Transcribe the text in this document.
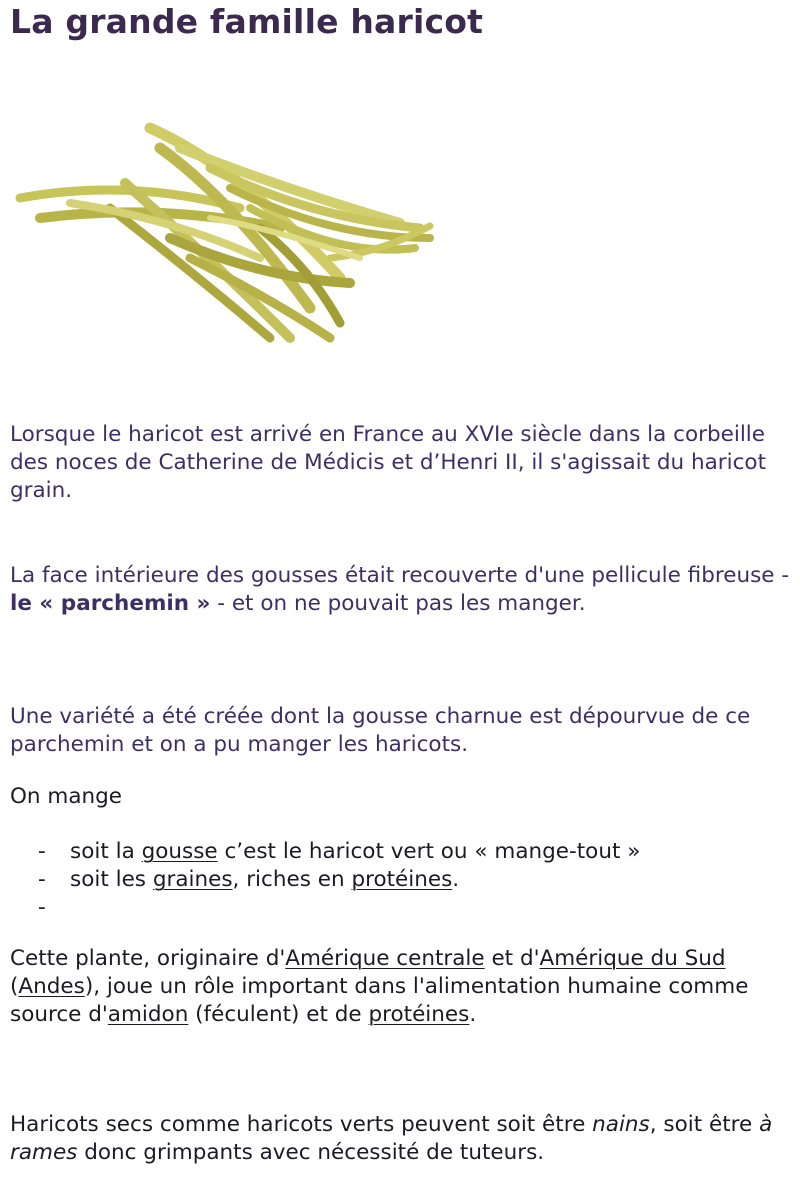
La grande famille haricot

Lorsque le haricot est arrivé en France au XVIe siècle dans la corbeille des noces de Catherine de Médicis et d’Henri II, il s'agissait du haricot grain.

La face intérieure des gousses était recouverte d'une pellicule fibreuse - le « parchemin » - et on ne pouvait pas les manger.

Une variété a été créée dont la gousse charnue est dépourvue de ce parchemin et on a pu manger les haricots.

On mange

- soit la gousse c’est le haricot vert ou « mange-tout »
- soit les graines, riches en protéines.
-

Cette plante, originaire d'Amérique centrale et d'Amérique du Sud (Andes), joue un rôle important dans l'alimentation humaine comme source d'amidon (féculent) et de protéines.

Haricots secs comme haricots verts peuvent soit être nains, soit être à rames donc grimpants avec nécessité de tuteurs.
